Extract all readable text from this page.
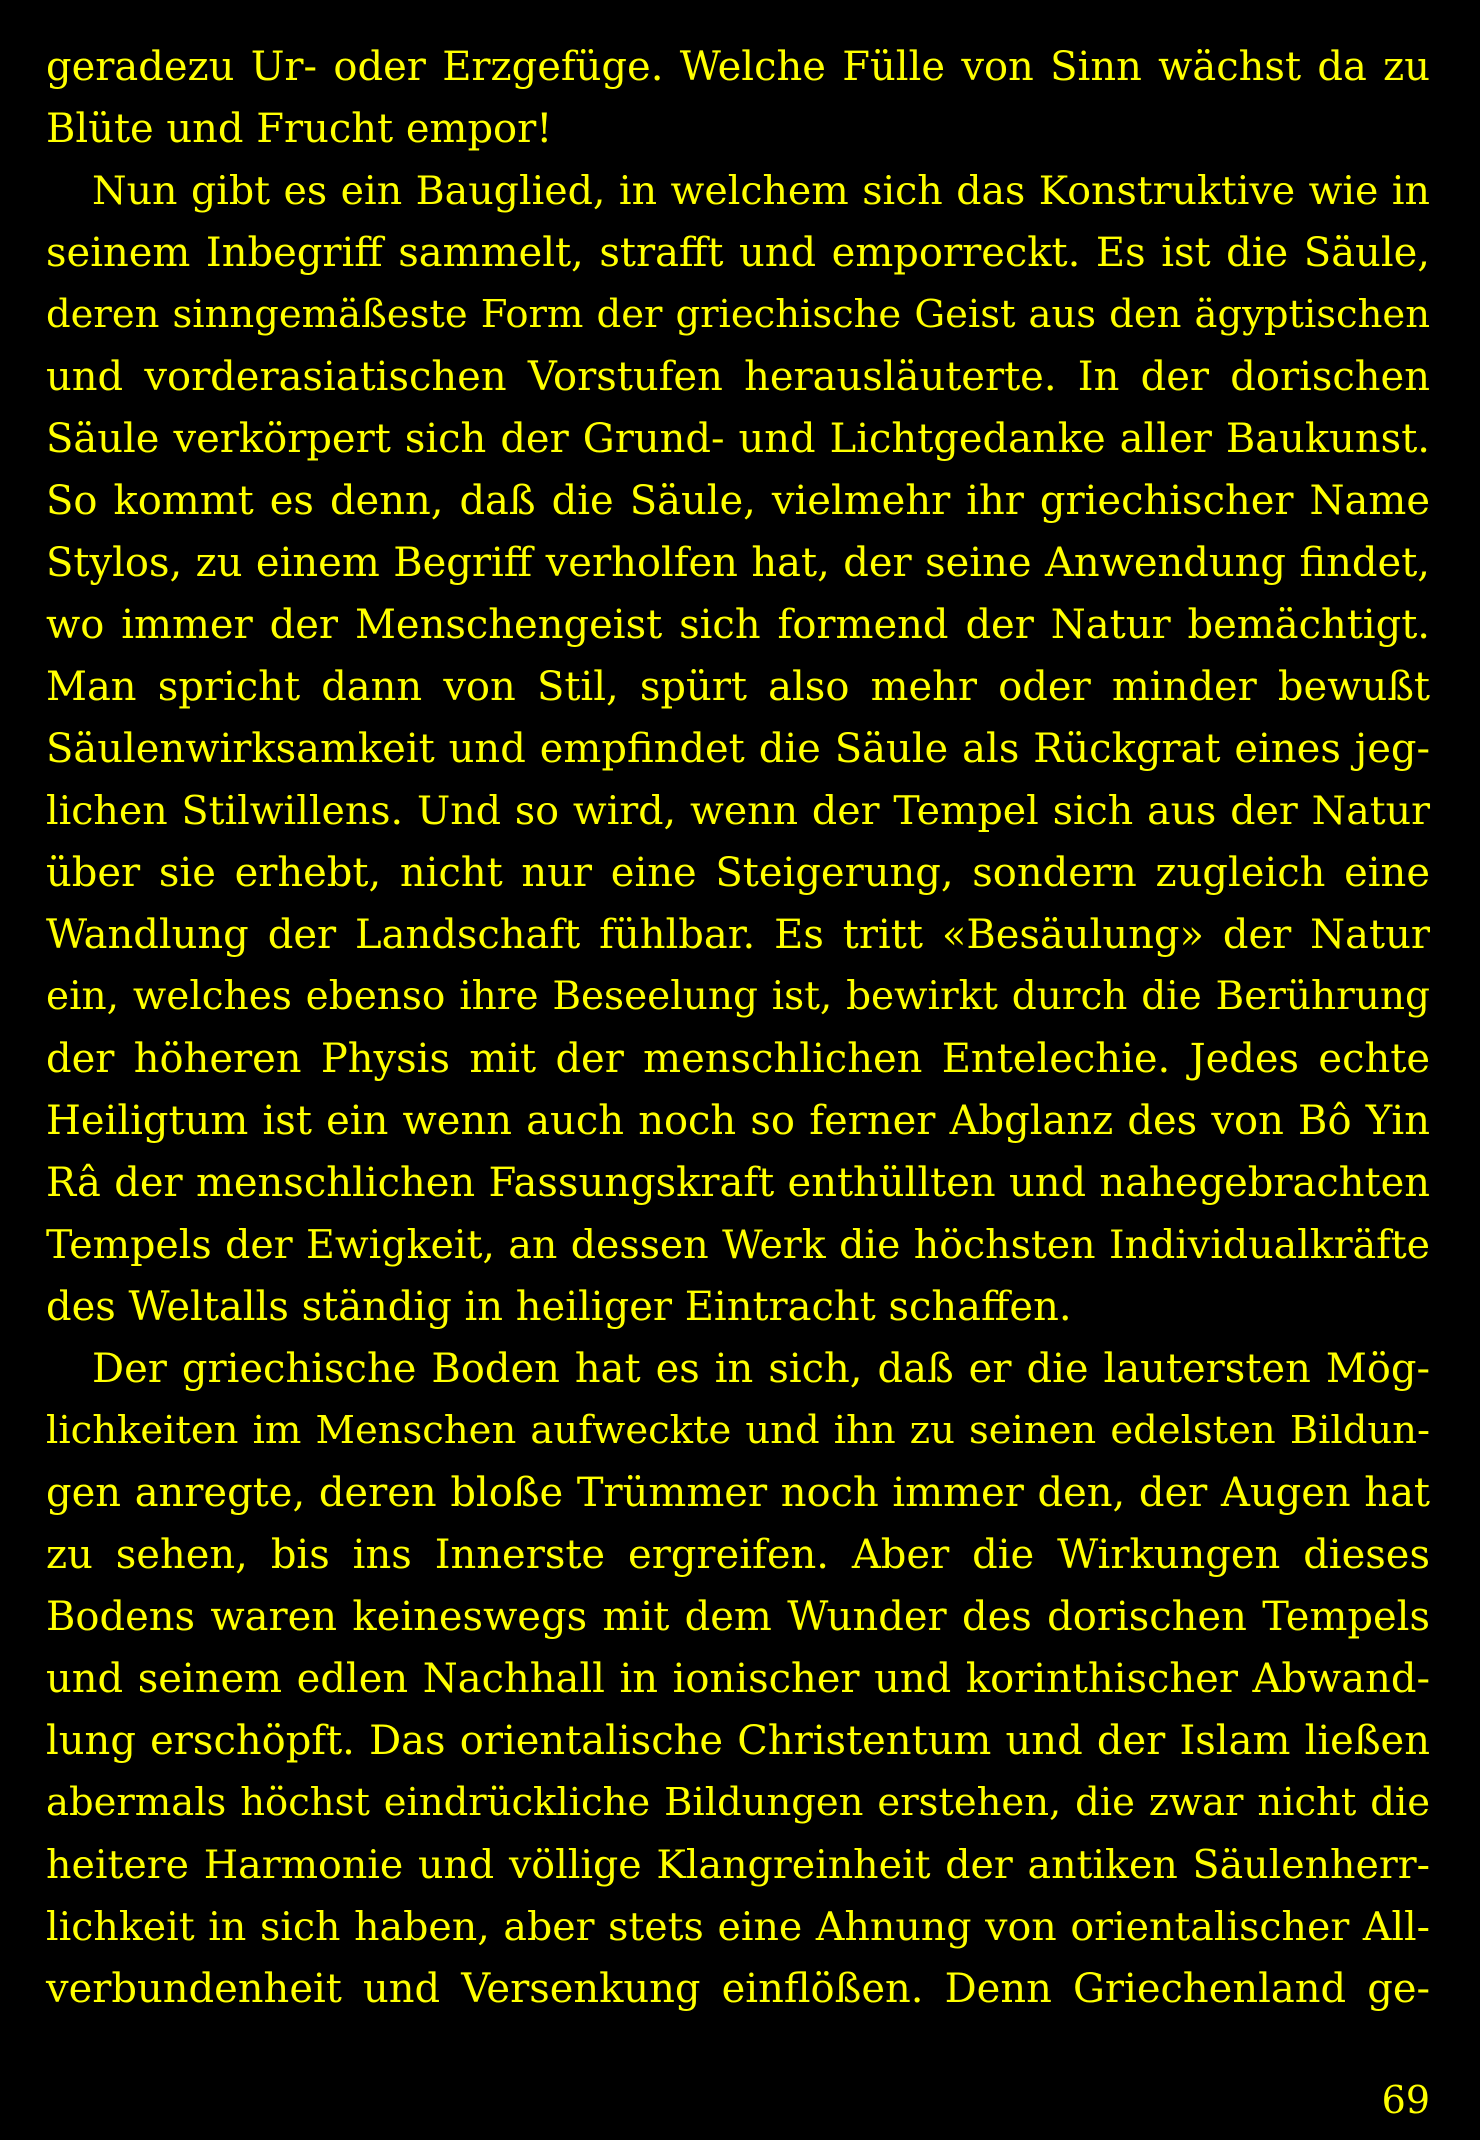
geradezu Ur- oder Erzgefüge. Welche Fülle von Sinn wächst da zu
Blüte und Frucht empor!
Nun gibt es ein Bauglied, in welchem sich das Konstruktive wie in
seinem Inbegriff sammelt, strafft und emporreckt. Es ist die Säule,
deren sinngemäßeste Form der griechische Geist aus den ägyptischen
und vorderasiatischen Vorstufen herausläuterte. In der dorischen
Säule verkörpert sich der Grund- und Lichtgedanke aller Baukunst.
So kommt es denn, daß die Säule, vielmehr ihr griechischer Name
Stylos, zu einem Begriff verholfen hat, der seine Anwendung findet,
wo immer der Menschengeist sich formend der Natur bemächtigt.
Man spricht dann von Stil, spürt also mehr oder minder bewußt
Säulenwirksamkeit und empfindet die Säule als Rückgrat eines jeg-
lichen Stilwillens. Und so wird, wenn der Tempel sich aus der Natur
über sie erhebt, nicht nur eine Steigerung, sondern zugleich eine
Wandlung der Landschaft fühlbar. Es tritt «Besäulung» der Natur
ein, welches ebenso ihre Beseelung ist, bewirkt durch die Berührung
der höheren Physis mit der menschlichen Entelechie. Jedes echte
Heiligtum ist ein wenn auch noch so ferner Abglanz des von Bô Yin
Râ der menschlichen Fassungskraft enthüllten und nahegebrachten
Tempels der Ewigkeit, an dessen Werk die höchsten Individualkräfte
des Weltalls ständig in heiliger Eintracht schaffen.
Der griechische Boden hat es in sich, daß er die lautersten Mög-
lichkeiten im Menschen aufweckte und ihn zu seinen edelsten Bildun-
gen anregte, deren bloße Trümmer noch immer den, der Augen hat
zu sehen, bis ins Innerste ergreifen. Aber die Wirkungen dieses
Bodens waren keineswegs mit dem Wunder des dorischen Tempels
und seinem edlen Nachhall in ionischer und korinthischer Abwand-
lung erschöpft. Das orientalische Christentum und der Islam ließen
abermals höchst eindrückliche Bildungen erstehen, die zwar nicht die
heitere Harmonie und völlige Klangreinheit der antiken Säulenherr-
lichkeit in sich haben, aber stets eine Ahnung von orientalischer All-
verbundenheit und Versenkung einflößen. Denn Griechenland ge-
69
